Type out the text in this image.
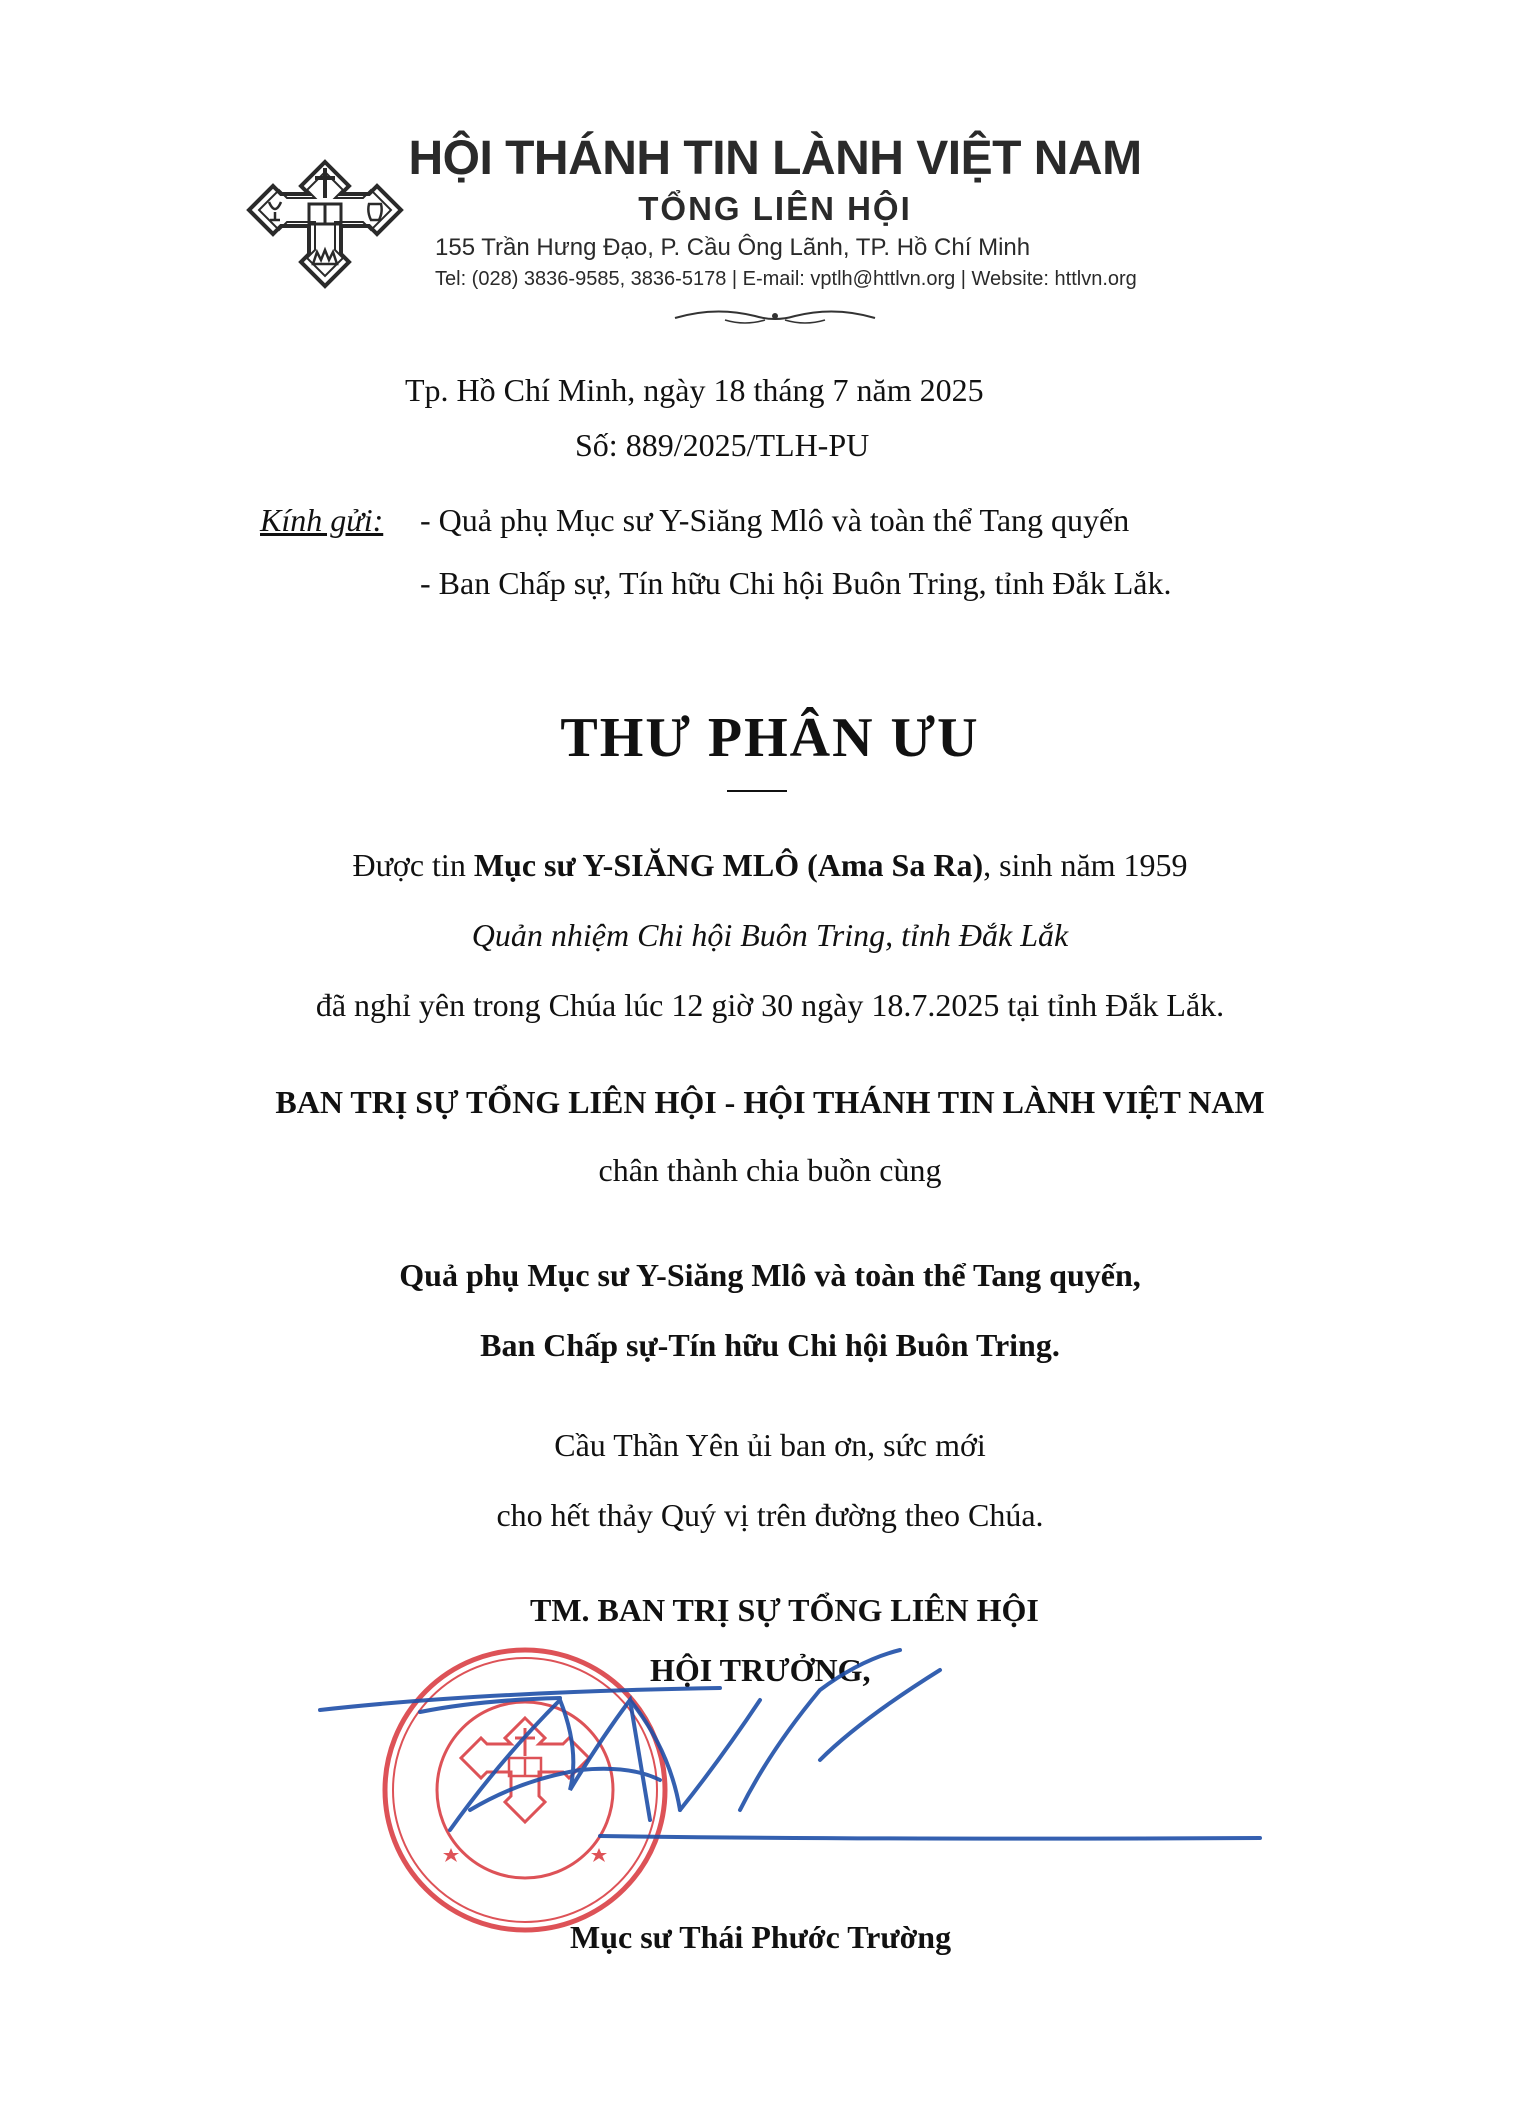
HỘI THÁNH TIN LÀNH VIỆT NAM

TỔNG LIÊN HỘI

155 Trần Hưng Đạo, P. Cầu Ông Lãnh, TP. Hồ Chí Minh

Tel: (028) 3836-9585, 3836-5178 | E-mail: vptlh@httlvn.org | Website: httlvn.org

Tp. Hồ Chí Minh, ngày 18 tháng 7 năm 2025
Số: 889/2025/TLH-PU
Kính gửi: - Quả phụ Mục sư Y-Siăng Mlô và toàn thể Tang quyến
- Ban Chấp sự, Tín hữu Chi hội Buôn Tring, tỉnh Đắk Lắk.
THƯ PHÂN ƯU
Được tin Mục sư Y-SIĂNG MLÔ (Ama Sa Ra), sinh năm 1959
Quản nhiệm Chi hội Buôn Tring, tỉnh Đắk Lắk
đã nghỉ yên trong Chúa lúc 12 giờ 30 ngày 18.7.2025 tại tỉnh Đắk Lắk.
BAN TRỊ SỰ TỔNG LIÊN HỘI - HỘI THÁNH TIN LÀNH VIỆT NAM
chân thành chia buồn cùng
Quả phụ Mục sư Y-Siăng Mlô và toàn thể Tang quyến,
Ban Chấp sự-Tín hữu Chi hội Buôn Tring.
Cầu Thần Yên ủi ban ơn, sức mới
cho hết thảy Quý vị trên đường theo Chúa.
TM. BAN TRỊ SỰ TỔNG LIÊN HỘI
HỘI TRƯỞNG,
Mục sư Thái Phước Trường
